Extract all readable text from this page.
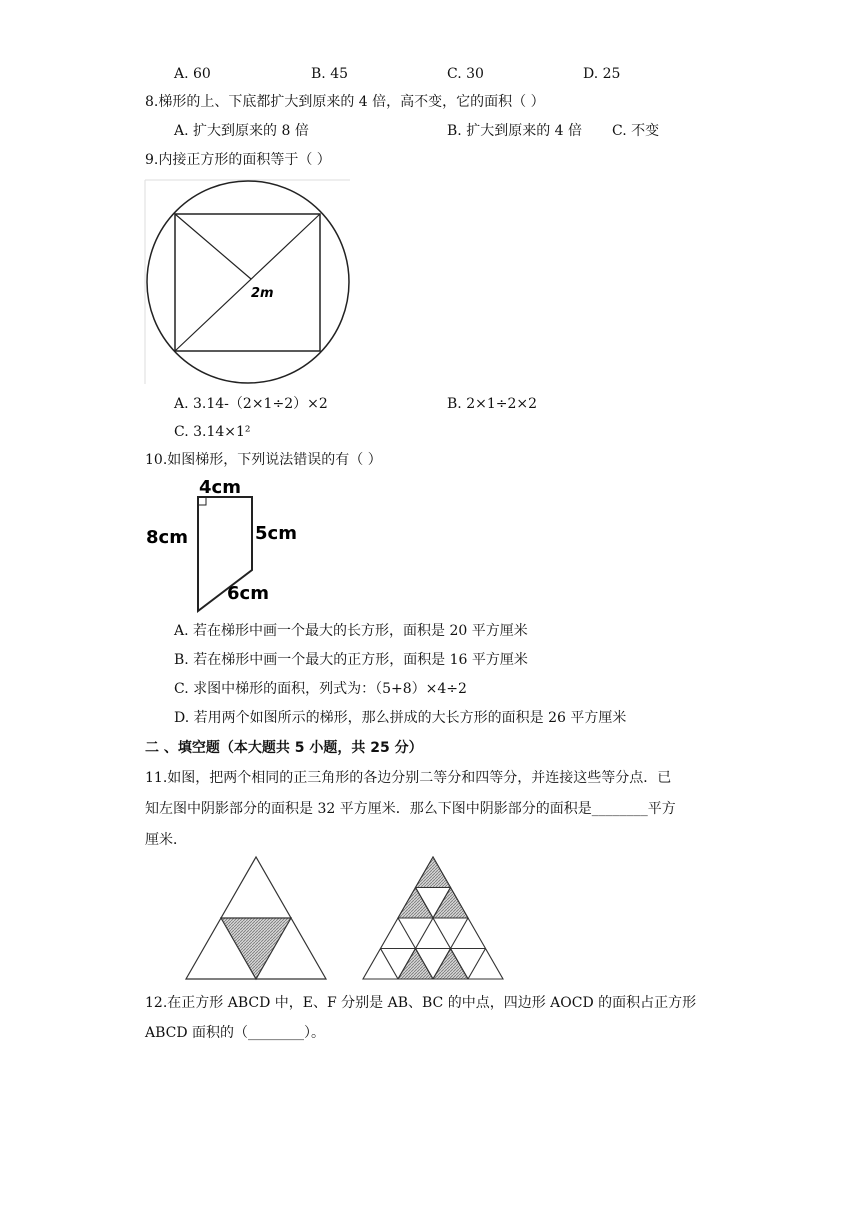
A. 60	B. 45	C. 30	D. 25
8.梯形的上、下底都扩大到原来的 4 倍，高不变，它的面积（ ）
A. 扩大到原来的 8 倍	B. 扩大到原来的 4 倍 C. 不变
9.内接正方形的面积等于（ ）
2m
A. 3.14-（2×1÷2）×2	B. 2×1÷2×2
C. 3.14×1²
10.如图梯形，下列说法错误的有（ ）
4cm
8cm	5cm
6cm
A. 若在梯形中画一个最大的长方形，面积是 20 平方厘米
B. 若在梯形中画一个最大的正方形，面积是 16 平方厘米
C. 求图中梯形的面积，列式为：（5+8）×4÷2
D. 若用两个如图所示的梯形，那么拼成的大长方形的面积是 26 平方厘米
二 、填空题（本大题共 5 小题，共 25 分）
11.如图，把两个相同的正三角形的各边分别二等分和四等分，并连接这些等分点．已
知左图中阴影部分的面积是 32 平方厘米．那么下图中阴影部分的面积是________平方
厘米．
12.在正方形 ABCD 中，E、F 分别是 AB、BC 的中点，四边形 AOCD 的面积占正方形
ABCD 面积的（________）。
